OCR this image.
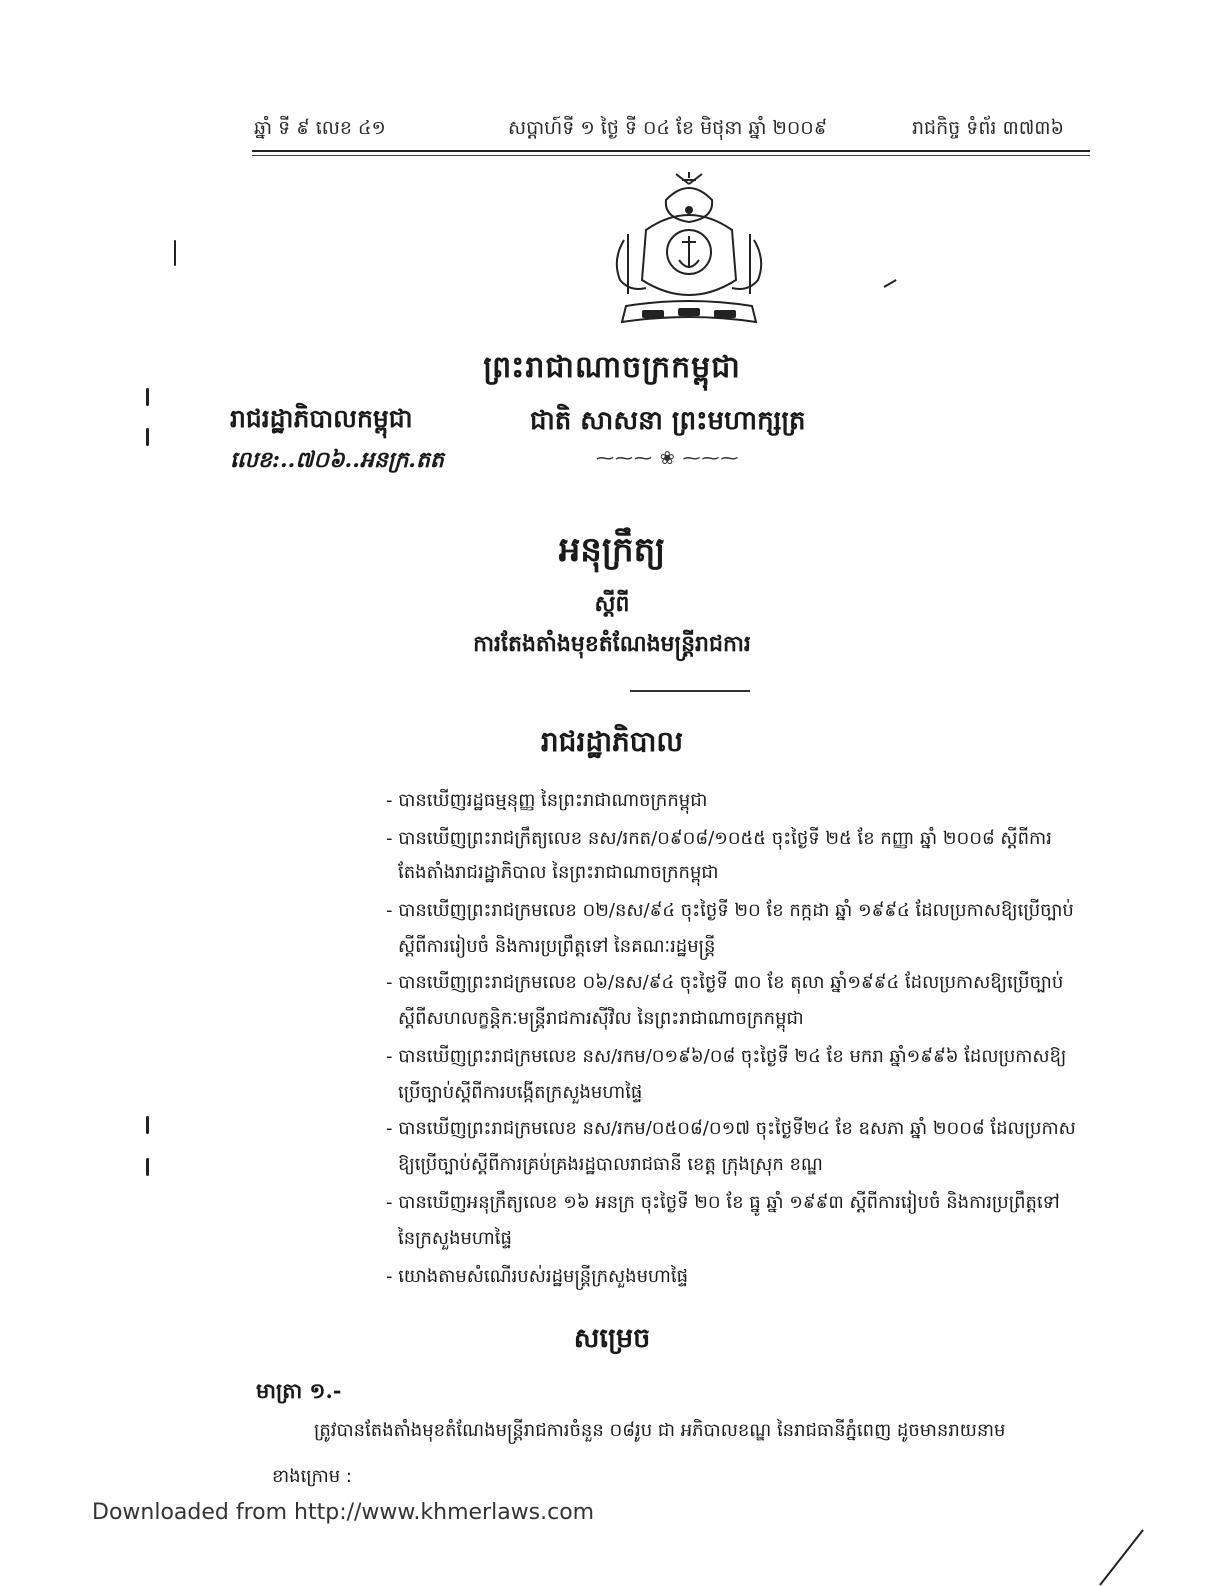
ឆ្នាំ ទី ៩ លេខ ៤១	សប្ដាហ៍ទី ១ ថ្ងៃ ទី ០៤ ខែ មិថុនា ឆ្នាំ ២០០៩	រាជកិច្ច ទំព័រ ៣៧៣៦
ព្រះរាជាណាចក្រកម្ពុជា
រាជរដ្ឋាភិបាលកម្ពុជា	ជាតិ សាសនា ព្រះមហាក្សត្រ
លេខ:..៧០៦..អនក្រ.តត	⁓⁓⁓ ❀ ⁓⁓⁓
អនុក្រឹត្យ
ស្ដីពី
ការតែងតាំងមុខតំណែងមន្ត្រីរាជការ
រាជរដ្ឋាភិបាល
- បានឃើញរដ្ឋធម្មនុញ្ញ នៃព្រះរាជាណាចក្រកម្ពុជា
- បានឃើញព្រះរាជក្រឹត្យលេខ នស/រកត/០៩០៨/១០៥៥ ចុះថ្ងៃទី ២៥ ខែ កញ្ញា ឆ្នាំ ២០០៨ ស្ដីពីការ
តែងតាំងរាជរដ្ឋាភិបាល នៃព្រះរាជាណាចក្រកម្ពុជា
- បានឃើញព្រះរាជក្រមលេខ ០២/នស/៩៤ ចុះថ្ងៃទី ២០ ខែ កក្កដា ឆ្នាំ ១៩៩៤ ដែលប្រកាសឱ្យប្រើច្បាប់
ស្ដីពីការរៀបចំ និងការប្រព្រឹត្តទៅ នៃគណៈរដ្ឋមន្ត្រី
- បានឃើញព្រះរាជក្រមលេខ ០៦/នស/៩៤ ចុះថ្ងៃទី ៣០ ខែ តុលា ឆ្នាំ១៩៩៤ ដែលប្រកាសឱ្យប្រើច្បាប់
ស្ដីពីសហលក្ខន្តិកៈមន្ត្រីរាជការស៊ីវិល នៃព្រះរាជាណាចក្រកម្ពុជា
- បានឃើញព្រះរាជក្រមលេខ នស/រកម/០១៩៦/០៨ ចុះថ្ងៃទី ២៤ ខែ មករា ឆ្នាំ១៩៩៦ ដែលប្រកាសឱ្យ
ប្រើច្បាប់ស្ដីពីការបង្កើតក្រសួងមហាផ្ទៃ
- បានឃើញព្រះរាជក្រមលេខ នស/រកម/០៥០៨/០១៧ ចុះថ្ងៃទី២៤ ខែ ឧសភា ឆ្នាំ ២០០៨ ដែលប្រកាស
ឱ្យប្រើច្បាប់ស្ដីពីការគ្រប់គ្រងរដ្ឋបាលរាជធានី ខេត្ត ក្រុងស្រុក ខណ្ឌ
- បានឃើញអនុក្រឹត្យលេខ ១៦ អនក្រ ចុះថ្ងៃទី ២០ ខែ ធ្នូ ឆ្នាំ ១៩៩៣ ស្ដីពីការរៀបចំ និងការប្រព្រឹត្តទៅ
នៃក្រសួងមហាផ្ទៃ
- យោងតាមសំណើរបស់រដ្ឋមន្ត្រីក្រសួងមហាផ្ទៃ
សម្រេច
មាត្រា ១.-
ត្រូវបានតែងតាំងមុខតំណែងមន្ត្រីរាជការចំនួន ០៨រូប ជា អភិបាលខណ្ឌ នៃរាជធានីភ្នំពេញ ដូចមានរាយនាម
ខាងក្រោម :
Downloaded from http://www.khmerlaws.com
